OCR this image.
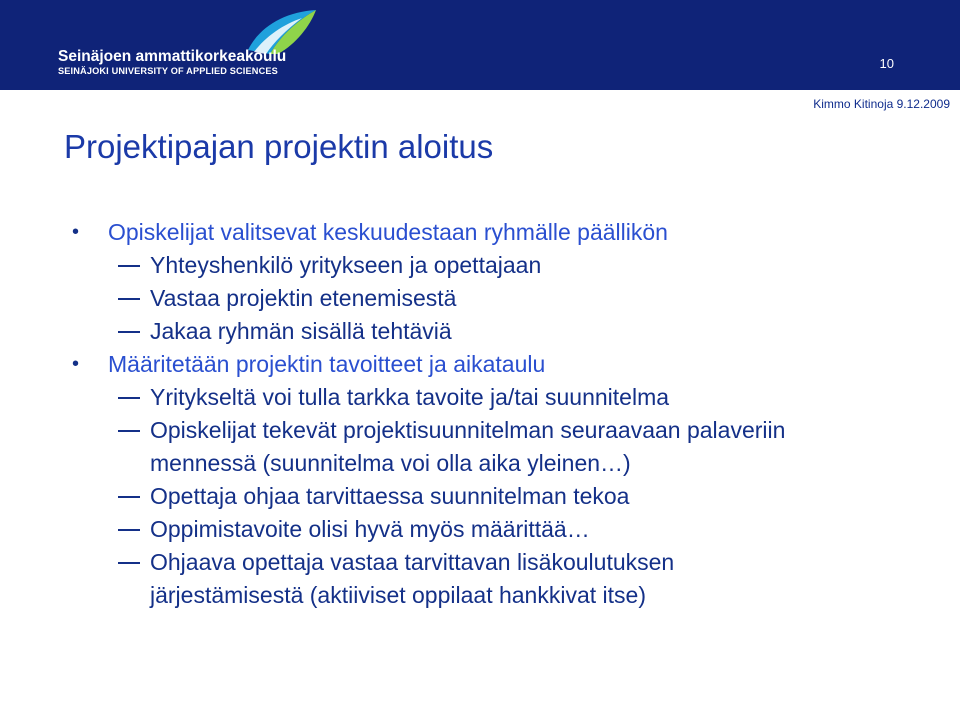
Seinäjoen ammattikorkeakoulu
SEINÄJOKI UNIVERSITY OF APPLIED SCIENCES	10
Kimmo Kitinoja 9.12.2009
Projektipajan projektin aloitus
• Opiskelijat valitsevat keskuudestaan ryhmälle päällikön
Yhteyshenkilö yritykseen ja opettajaan
Vastaa projektin etenemisestä
Jakaa ryhmän sisällä tehtäviä
• Määritetään projektin tavoitteet ja aikataulu
Yritykseltä voi tulla tarkka tavoite ja/tai suunnitelma
Opiskelijat tekevät projektisuunnitelman seuraavaan palaveriin
mennessä (suunnitelma voi olla aika yleinen…)
Opettaja ohjaa tarvittaessa suunnitelman tekoa
Oppimistavoite olisi hyvä myös määrittää…
Ohjaava opettaja vastaa tarvittavan lisäkoulutuksen
järjestämisestä (aktiiviset oppilaat hankkivat itse)
